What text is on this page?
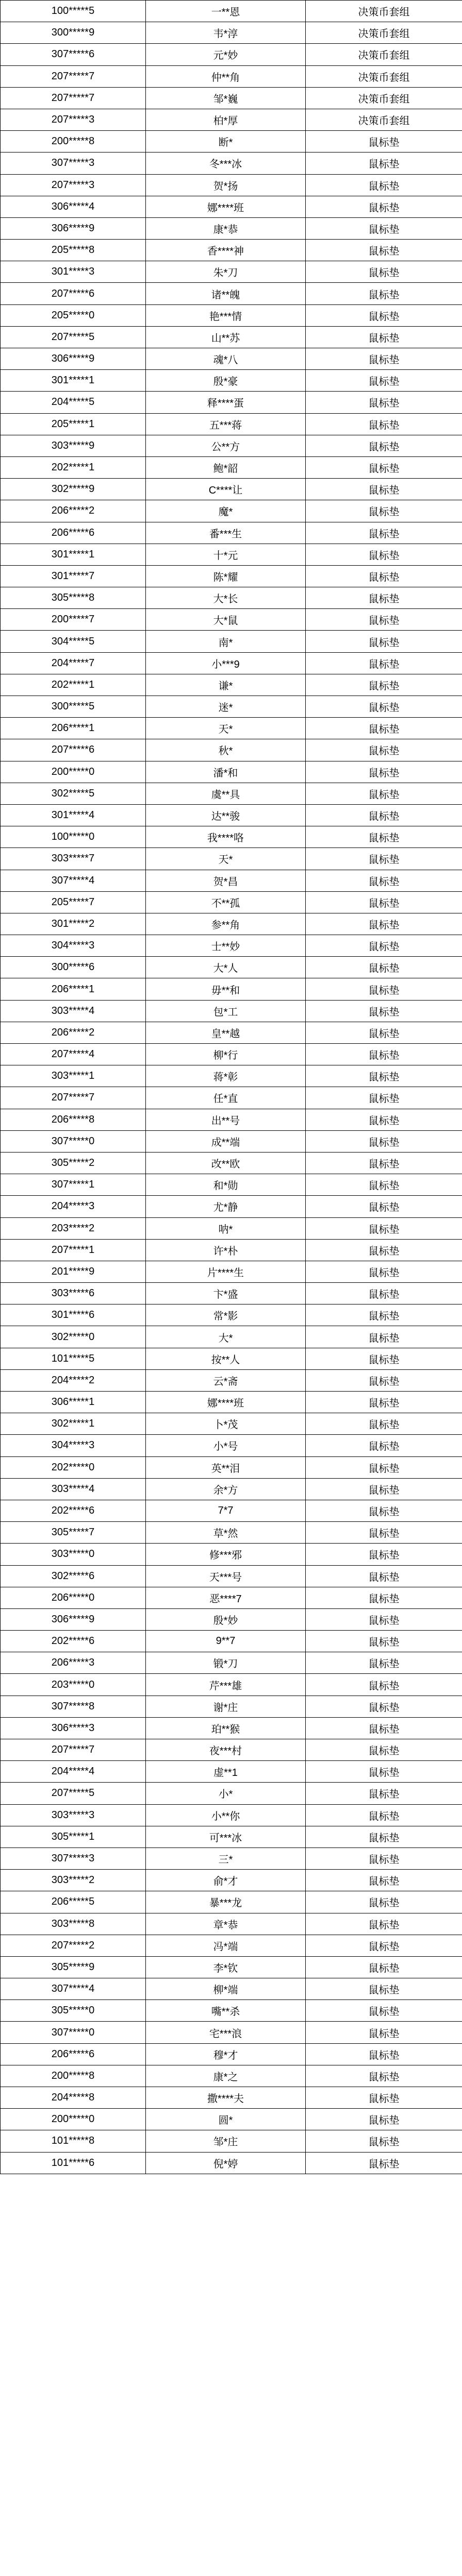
100*****5	一**恩	决策币套组
300*****9	韦*淳	决策币套组
307*****6	元*妙	决策币套组
207*****7	仲**角	决策币套组
207*****7	邹*巍	决策币套组
207*****3	柏*厚	决策币套组
200*****8	断*	鼠标垫
307*****3	冬***冰	鼠标垫
207*****3	贺*扬	鼠标垫
306*****4	娜****班	鼠标垫
306*****9	康*恭	鼠标垫
205*****8	香****神	鼠标垫
301*****3	朱*刀	鼠标垫
207*****6	诸**魄	鼠标垫
205*****0	艳***情	鼠标垫
207*****5	山**苏	鼠标垫
306*****9	魂*八	鼠标垫
301*****1	殷*豪	鼠标垫
204*****5	释****蛋	鼠标垫
205*****1	五***蒋	鼠标垫
303*****9	公**方	鼠标垫
202*****1	鲍*韶	鼠标垫
302*****9	C****让	鼠标垫
206*****2	魔*	鼠标垫
206*****6	番***生	鼠标垫
301*****1	十*元	鼠标垫
301*****7	陈*耀	鼠标垫
305*****8	大*长	鼠标垫
200*****7	大*鼠	鼠标垫
304*****5	南*	鼠标垫
204*****7	小***9	鼠标垫
202*****1	谦*	鼠标垫
300*****5	迷*	鼠标垫
206*****1	天*	鼠标垫
207*****6	秋*	鼠标垫
200*****0	潘*和	鼠标垫
302*****5	虞**具	鼠标垫
301*****4	达**骏	鼠标垫
100*****0	我****咯	鼠标垫
303*****7	天*	鼠标垫
307*****4	贺*昌	鼠标垫
205*****7	不**孤	鼠标垫
301*****2	参**角	鼠标垫
304*****3	士**妙	鼠标垫
300*****6	大*人	鼠标垫
206*****1	毋**和	鼠标垫
303*****4	包*工	鼠标垫
206*****2	皇**越	鼠标垫
207*****4	柳*行	鼠标垫
303*****1	蒋*彰	鼠标垫
207*****7	任*直	鼠标垫
206*****8	出**号	鼠标垫
307*****0	成**端	鼠标垫
305*****2	改**欧	鼠标垫
307*****1	和*勋	鼠标垫
204*****3	尤*静	鼠标垫
203*****2	呐*	鼠标垫
207*****1	许*朴	鼠标垫
201*****9	片****生	鼠标垫
303*****6	卞*盛	鼠标垫
301*****6	常*影	鼠标垫
302*****0	大*	鼠标垫
101*****5	按**人	鼠标垫
204*****2	云*斋	鼠标垫
306*****1	娜****班	鼠标垫
302*****1	卜*茂	鼠标垫
304*****3	小*号	鼠标垫
202*****0	英**泪	鼠标垫
303*****4	余*方	鼠标垫
202*****6	7*7	鼠标垫
305*****7	草*然	鼠标垫
303*****0	修***邪	鼠标垫
302*****6	天***号	鼠标垫
206*****0	恶****7	鼠标垫
306*****9	殷*妙	鼠标垫
202*****6	9**7	鼠标垫
206*****3	锻*刀	鼠标垫
203*****0	芹***雄	鼠标垫
307*****8	谢*庄	鼠标垫
306*****3	珀**猴	鼠标垫
207*****7	夜***村	鼠标垫
204*****4	虚**1	鼠标垫
207*****5	小*	鼠标垫
303*****3	小**你	鼠标垫
305*****1	可***冰	鼠标垫
307*****3	三*	鼠标垫
303*****2	俞*才	鼠标垫
206*****5	暴***龙	鼠标垫
303*****8	章*恭	鼠标垫
207*****2	冯*端	鼠标垫
305*****9	李*钦	鼠标垫
307*****4	柳*端	鼠标垫
305*****0	嘴**杀	鼠标垫
307*****0	宅***浪	鼠标垫
206*****6	穆*才	鼠标垫
200*****8	康*之	鼠标垫
204*****8	撒****夫	鼠标垫
200*****0	圆*	鼠标垫
101*****8	邹*庄	鼠标垫
101*****6	倪*婷	鼠标垫
